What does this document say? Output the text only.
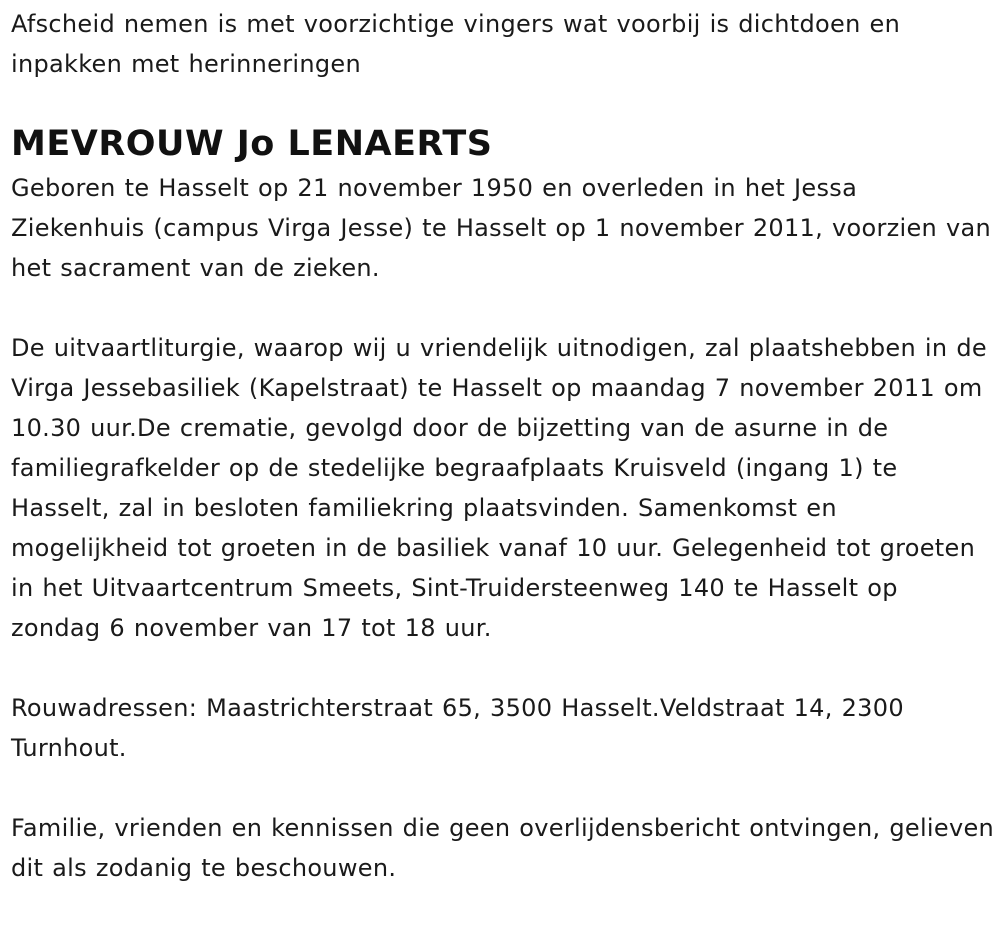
Afscheid nemen is met voorzichtige vingers wat voorbij is dichtdoen en inpakken met herinneringen

MEVROUW Jo LENAERTS

Geboren te Hasselt op 21 november 1950 en overleden in het Jessa Ziekenhuis (campus Virga Jesse) te Hasselt op 1 november 2011, voorzien van het sacrament van de zieken.

De uitvaartliturgie, waarop wij u vriendelijk uitnodigen, zal plaatshebben in de Virga Jessebasiliek (Kapelstraat) te Hasselt op maandag 7 november 2011 om 10.30 uur.De crematie, gevolgd door de bijzetting van de asurne in de familiegrafkelder op de stedelijke begraafplaats Kruisveld (ingang 1) te Hasselt, zal in besloten familiekring plaatsvinden. Samenkomst en mogelijkheid tot groeten in de basiliek vanaf 10 uur. Gelegenheid tot groeten in het Uitvaartcentrum Smeets, Sint-Truidersteenweg 140 te Hasselt op zondag 6 november van 17 tot 18 uur.

Rouwadressen: Maastrichterstraat 65, 3500 Hasselt.Veldstraat 14, 2300 Turnhout.

Familie, vrienden en kennissen die geen overlijdensbericht ontvingen, gelieven dit als zodanig te beschouwen.
